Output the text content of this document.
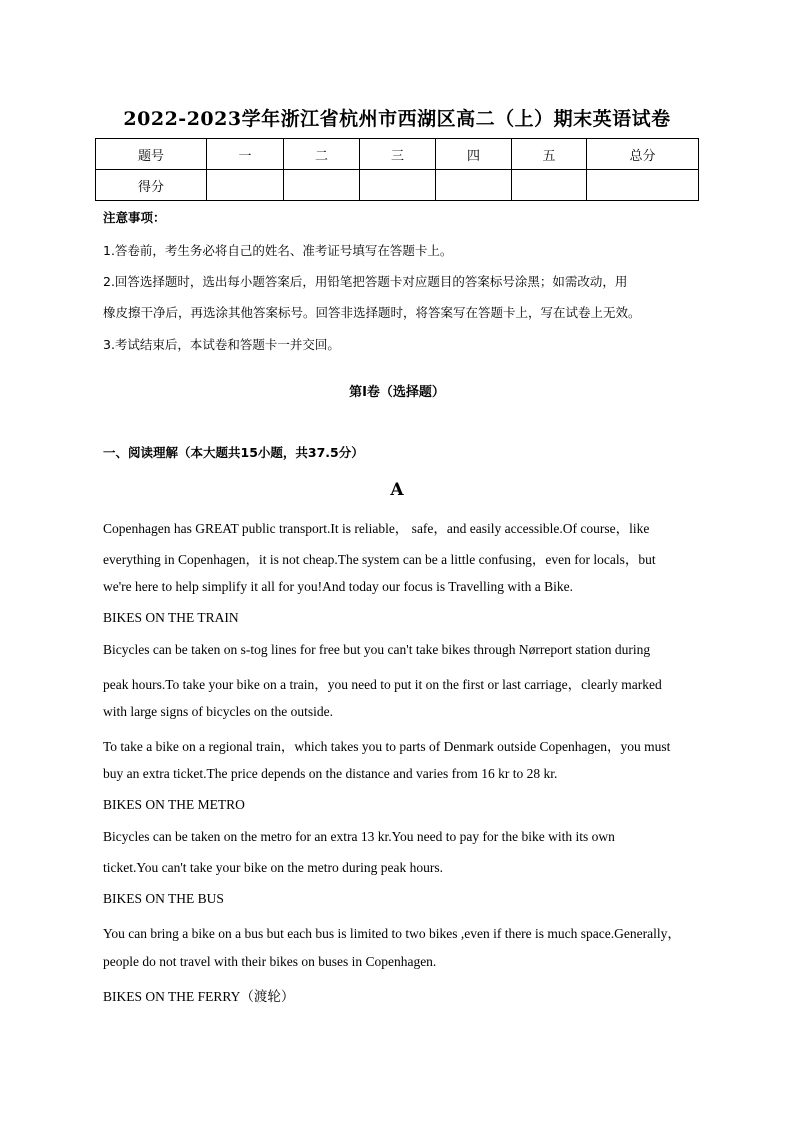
2022-2023学年浙江省杭州市西湖区高二（上）期末英语试卷
题号	一	二	三	四	五	总分
得分						
注意事项：
1.答卷前，考生务必将自己的姓名、准考证号填写在答题卡上。
2.回答选择题时，选出每小题答案后，用铅笔把答题卡对应题目的答案标号涂黑；如需改动，用
橡皮擦干净后，再选涂其他答案标号。回答非选择题时，将答案写在答题卡上，写在试卷上无效。
3.考试结束后，本试卷和答题卡一并交回。
第I卷（选择题）
一、阅读理解（本大题共15小题，共37.5分）
A
Copenhagen has GREAT public transport.It is reliable， safe，and easily accessible.Of course，like
everything in Copenhagen，it is not cheap.The system can be a little confusing，even for locals，but
we're here to help simplify it all for you!And today our focus is Travelling with a Bike.
BIKES ON THE TRAIN
Bicycles can be taken on s-tog lines for free but you can't take bikes through Nørreport station during
peak hours.To take your bike on a train，you need to put it on the first or last carriage，clearly marked
with large signs of bicycles on the outside.
To take a bike on a regional train，which takes you to parts of Denmark outside Copenhagen，you must
buy an extra ticket.The price depends on the distance and varies from 16 kr to 28 kr.
BIKES ON THE METRO
Bicycles can be taken on the metro for an extra 13 kr.You need to pay for the bike with its own
ticket.You can't take your bike on the metro during peak hours.
BIKES ON THE BUS
You can bring a bike on a bus but each bus is limited to two bikes ,even if there is much space.Generally，
people do not travel with their bikes on buses in Copenhagen.
BIKES ON THE FERRY（渡轮）
